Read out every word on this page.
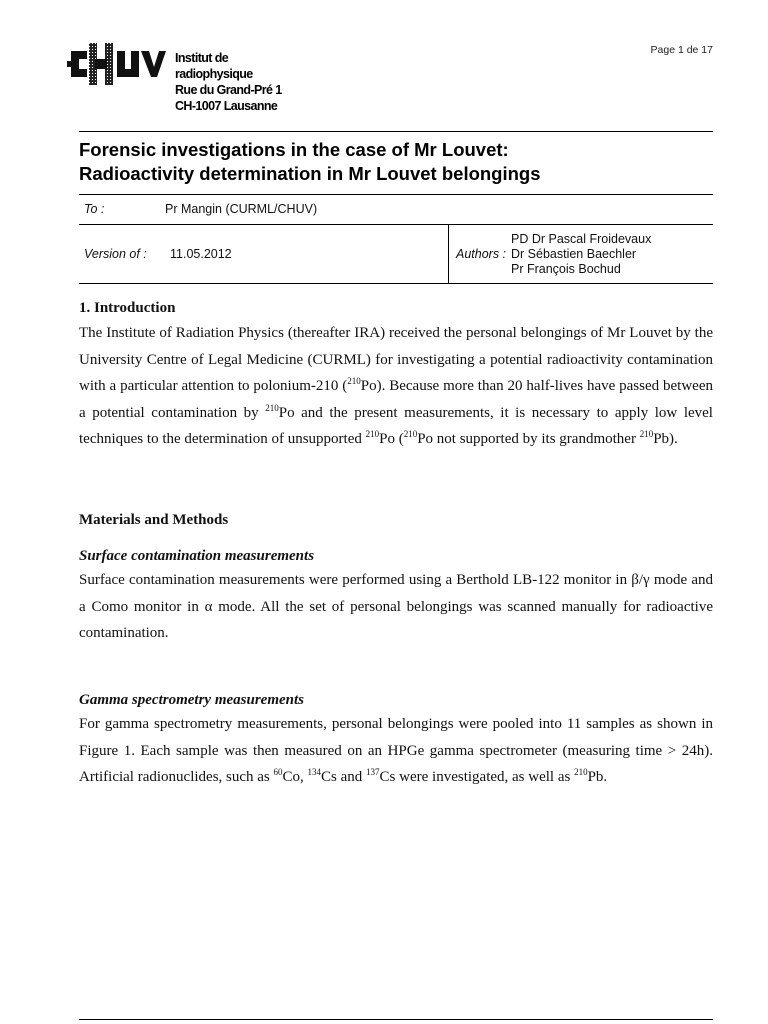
Page 1 de 17
Institut de
radiophysique
Rue du Grand-Pré 1
CH-1007 Lausanne
Forensic investigations in the case of Mr Louvet:
Radioactivity determination in Mr Louvet belongings
To :	Pr Mangin (CURML/CHUV)
Version of : 11.05.2012
PD Dr Pascal Froidevaux
Authors : Dr Sébastien Baechler
Pr François Bochud
1. Introduction
The Institute of Radiation Physics (thereafter IRA) received the personal belongings of Mr Louvet by the University Centre of Legal Medicine (CURML) for investigating a potential radioactivity contamination with a particular attention to polonium-210 ($^{210}$Po). Because more than 20 half-lives have passed between a potential contamination by $^{210}$Po and the present measurements, it is necessary to apply low level techniques to the determination of unsupported $^{210}$Po ($^{210}$Po not supported by its grandmother $^{210}$Pb).
Materials and Methods
Surface contamination measurements
Surface contamination measurements were performed using a Berthold LB-122 monitor in β/γ mode and a Como monitor in α mode. All the set of personal belongings was scanned manually for radioactive contamination.
Gamma spectrometry measurements
For gamma spectrometry measurements, personal belongings were pooled into 11 samples as shown in Figure 1. Each sample was then measured on an HPGe gamma spectrometer (measuring time > 24h). Artificial radionuclides, such as $^{60}$Co, $^{134}$Cs and $^{137}$Cs were investigated, as well as $^{210}$Pb.
